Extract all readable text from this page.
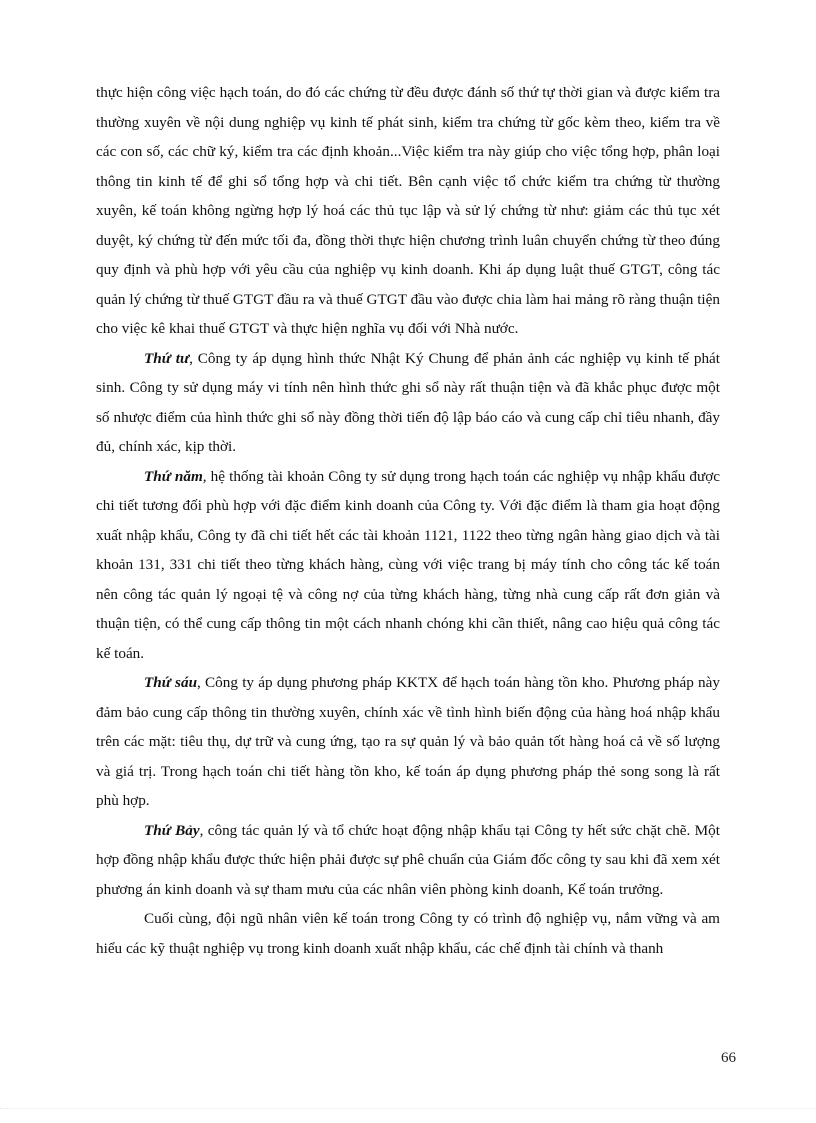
thực hiện công việc hạch toán, do đó các chứng từ đều được đánh số thứ tự thời gian và được kiểm tra thường xuyên về nội dung nghiệp vụ kinh tế phát sinh, kiểm tra chứng từ gốc kèm theo, kiểm tra về các con số, các chữ ký, kiểm tra các định khoản...Việc kiểm tra này giúp cho việc tổng hợp, phân loại thông tin kinh tế để ghi sổ tổng hợp và chi tiết. Bên cạnh việc tổ chức kiểm tra chứng từ thường xuyên, kế toán không ngừng hợp lý hoá các thủ tục lập và sử lý chứng từ như: giảm các thủ tục xét duyệt, ký chứng từ đến mức tối đa, đồng thời thực hiện chương trình luân chuyển chứng từ theo đúng quy định và phù hợp với yêu cầu của nghiệp vụ kinh doanh. Khi áp dụng luật thuế GTGT, công tác quản lý chứng từ thuế GTGT đầu ra và thuế GTGT đầu vào được chia làm hai mảng rõ ràng thuận tiện cho việc kê khai thuế GTGT và thực hiện nghĩa vụ đối với Nhà nước.

Thứ tư, Công ty áp dụng hình thức Nhật Ký Chung để phản ảnh các nghiệp vụ kinh tế phát sinh. Công ty sử dụng máy vi tính nên hình thức ghi sổ này rất thuận tiện và đã khắc phục được một số nhược điểm của hình thức ghi sổ này đồng thời tiến độ lập báo cáo và cung cấp chỉ tiêu nhanh, đầy đủ, chính xác, kịp thời.

Thứ năm, hệ thống tài khoản Công ty sử dụng trong hạch toán các nghiệp vụ nhập khẩu được chi tiết tương đối phù hợp với đặc điểm kinh doanh của Công ty. Với đặc điểm là tham gia hoạt động xuất nhập khẩu, Công ty đã chi tiết hết các tài khoản 1121, 1122 theo từng ngân hàng giao dịch và tài khoản 131, 331 chi tiết theo từng khách hàng, cùng với việc trang bị máy tính cho công tác kế toán nên công tác quản lý ngoại tệ và công nợ của từng khách hàng, từng nhà cung cấp rất đơn giản và thuận tiện, có thể cung cấp thông tin một cách nhanh chóng khi cần thiết, nâng cao hiệu quả công tác kế toán.

Thứ sáu, Công ty áp dụng phương pháp KKTX để hạch toán hàng tồn kho. Phương pháp này đảm bảo cung cấp thông tin thường xuyên, chính xác về tình hình biến động của hàng hoá nhập khẩu trên các mặt: tiêu thụ, dự trữ và cung ứng, tạo ra sự quản lý và bảo quản tốt hàng hoá cả về số lượng và giá trị. Trong hạch toán chi tiết hàng tồn kho, kế toán áp dụng phương pháp thẻ song song là rất phù hợp.

Thứ Bảy, công tác quản lý và tổ chức hoạt động nhập khẩu tại Công ty hết sức chặt chẽ. Một hợp đồng nhập khẩu được thức hiện phải được sự phê chuẩn của Giám đốc công ty sau khi đã xem xét phương án kinh doanh và sự tham mưu của các nhân viên phòng kinh doanh, Kế toán trưởng.

Cuối cùng, đội ngũ nhân viên kế toán trong Công ty có trình độ nghiệp vụ, nắm vững và am hiểu các kỹ thuật nghiệp vụ trong kinh doanh xuất nhập khẩu, các chế định tài chính và thanh

66
